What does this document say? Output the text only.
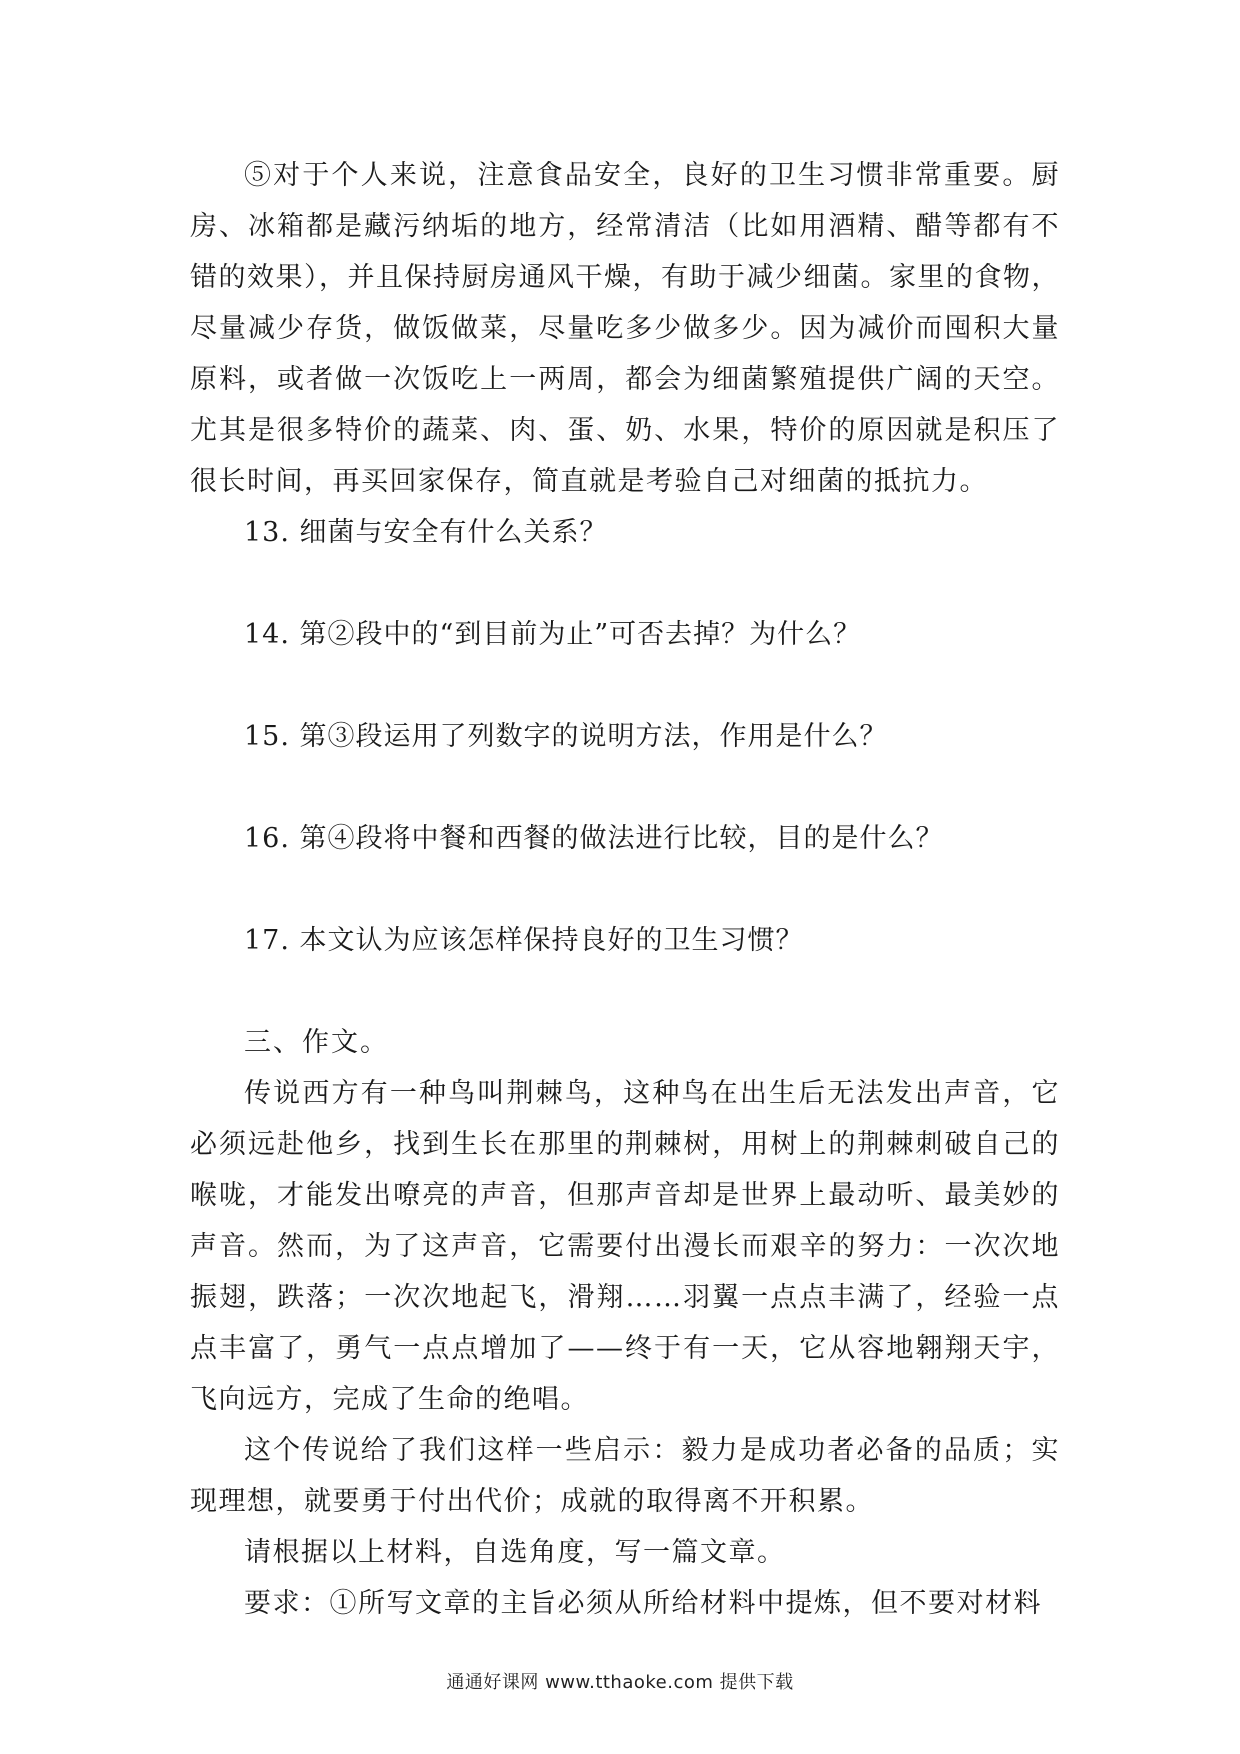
⑤对于个人来说，注意食品安全，良好的卫生习惯非常重要。厨房、冰箱都是藏污纳垢的地方，经常清洁（比如用酒精、醋等都有不错的效果），并且保持厨房通风干燥，有助于减少细菌。家里的食物，尽量减少存货，做饭做菜，尽量吃多少做多少。因为减价而囤积大量原料，或者做一次饭吃上一两周，都会为细菌繁殖提供广阔的天空。尤其是很多特价的蔬菜、肉、蛋、奶、水果，特价的原因就是积压了很长时间，再买回家保存，简直就是考验自己对细菌的抵抗力。

13. 细菌与安全有什么关系？

14. 第②段中的“到目前为止”可否去掉？为什么？

15. 第③段运用了列数字的说明方法，作用是什么？

16. 第④段将中餐和西餐的做法进行比较，目的是什么？

17. 本文认为应该怎样保持良好的卫生习惯？

三、作文。

传说西方有一种鸟叫荆棘鸟，这种鸟在出生后无法发出声音，它必须远赴他乡，找到生长在那里的荆棘树，用树上的荆棘刺破自己的喉咙，才能发出嘹亮的声音，但那声音却是世界上最动听、最美妙的声音。然而，为了这声音，它需要付出漫长而艰辛的努力：一次次地振翅，跌落；一次次地起飞，滑翔……羽翼一点点丰满了，经验一点点丰富了，勇气一点点增加了——终于有一天，它从容地翱翔天宇，飞向远方，完成了生命的绝唱。

这个传说给了我们这样一些启示：毅力是成功者必备的品质；实现理想，就要勇于付出代价；成就的取得离不开积累。

请根据以上材料，自选角度，写一篇文章。

要求：①所写文章的主旨必须从所给材料中提炼，但不要对材料

通通好课网 www.tthaoke.com 提供下载
